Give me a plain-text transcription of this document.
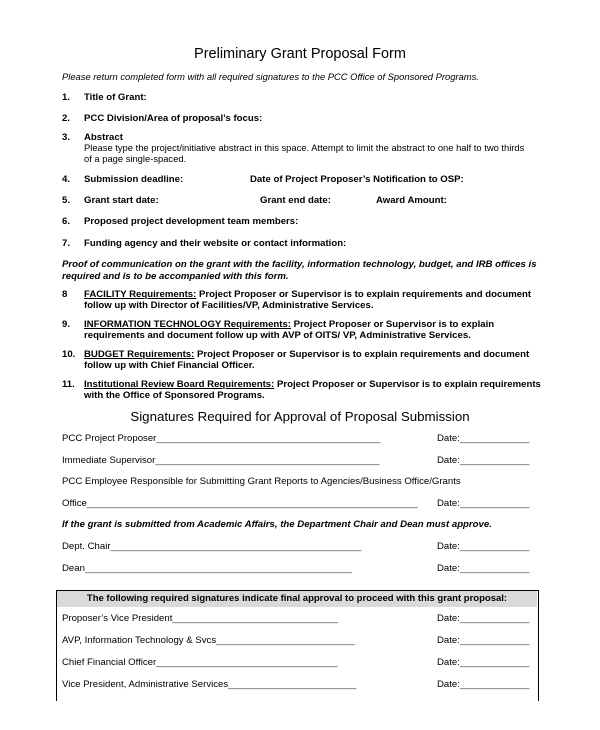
Preliminary Grant Proposal Form
Please return completed form with all required signatures to the PCC Office of Sponsored Programs.
1. Title of Grant:
2. PCC Division/Area of proposal’s focus:
3. Abstract
Please type the project/initiative abstract in this space. Attempt to limit the abstract to one half to two thirds
of a page single-spaced.
4. Submission deadline:	Date of Project Proposer’s Notification to OSP:
5. Grant start date:	Grant end date:	Award Amount:
6. Proposed project development team members:
7. Funding agency and their website or contact information:
Proof of communication on the grant with the facility, information technology, budget, and IRB offices is required and is to be accompanied with this form.
8 FACILITY Requirements: Project Proposer or Supervisor is to explain requirements and document
follow up with Director of Facilities/VP, Administrative Services.
9. INFORMATION TECHNOLOGY Requirements: Project Proposer or Supervisor is to explain
requirements and document follow up with AVP of OITS/ VP, Administrative Services.
10. BUDGET Requirements: Project Proposer or Supervisor is to explain requirements and document
follow up with Chief Financial Officer.
11. Institutional Review Board Requirements: Project Proposer or Supervisor is to explain requirements
with the Office of Sponsored Programs.
Signatures Required for Approval of Proposal Submission
PCC Project Proposer__________________________________________	Date:_____________
Immediate Supervisor__________________________________________	Date:_____________
PCC Employee Responsible for Submitting Grant Reports to Agencies/Business Office/Grants
Office______________________________________________________________ Date:_____________
If the grant is submitted from Academic Affairs, the Department Chair and Dean must approve.
Dept. Chair_______________________________________________	Date:_____________
Dean__________________________________________________	Date:_____________
The following required signatures indicate final approval to proceed with this grant proposal:
Proposer’s Vice President_______________________________	Date:_____________
AVP, Information Technology & Svcs__________________________	Date:_____________
Chief Financial Officer__________________________________	Date:_____________
Vice President, Administrative Services________________________	Date:_____________
